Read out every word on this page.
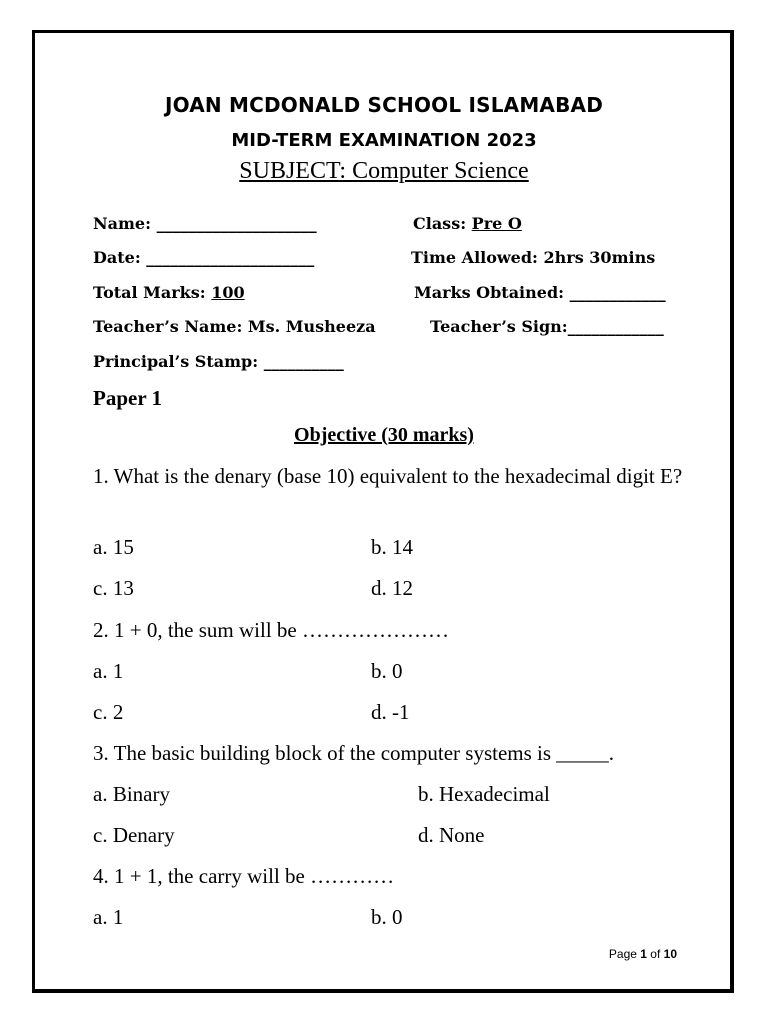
JOAN MCDONALD SCHOOL ISLAMABAD
MID-TERM EXAMINATION 2023
SUBJECT: Computer Science
Name: ____________________	Class: Pre O
Date: _____________________	Time Allowed: 2hrs 30mins
Total Marks: 100	Marks Obtained: ____________
Teacher’s Name: Ms. Musheeza	Teacher’s Sign:____________
Principal’s Stamp: __________
Paper 1
Objective (30 marks)
1. What is the denary (base 10) equivalent to the hexadecimal digit E?
a. 15	b. 14
c. 13	d. 12
2. 1 + 0, the sum will be …………………
a. 1	b. 0
c. 2	d. -1
3. The basic building block of the computer systems is _____.
a. Binary	b. Hexadecimal
c. Denary	d. None
4. 1 + 1, the carry will be …………
a. 1	b. 0
Page 1 of 10
